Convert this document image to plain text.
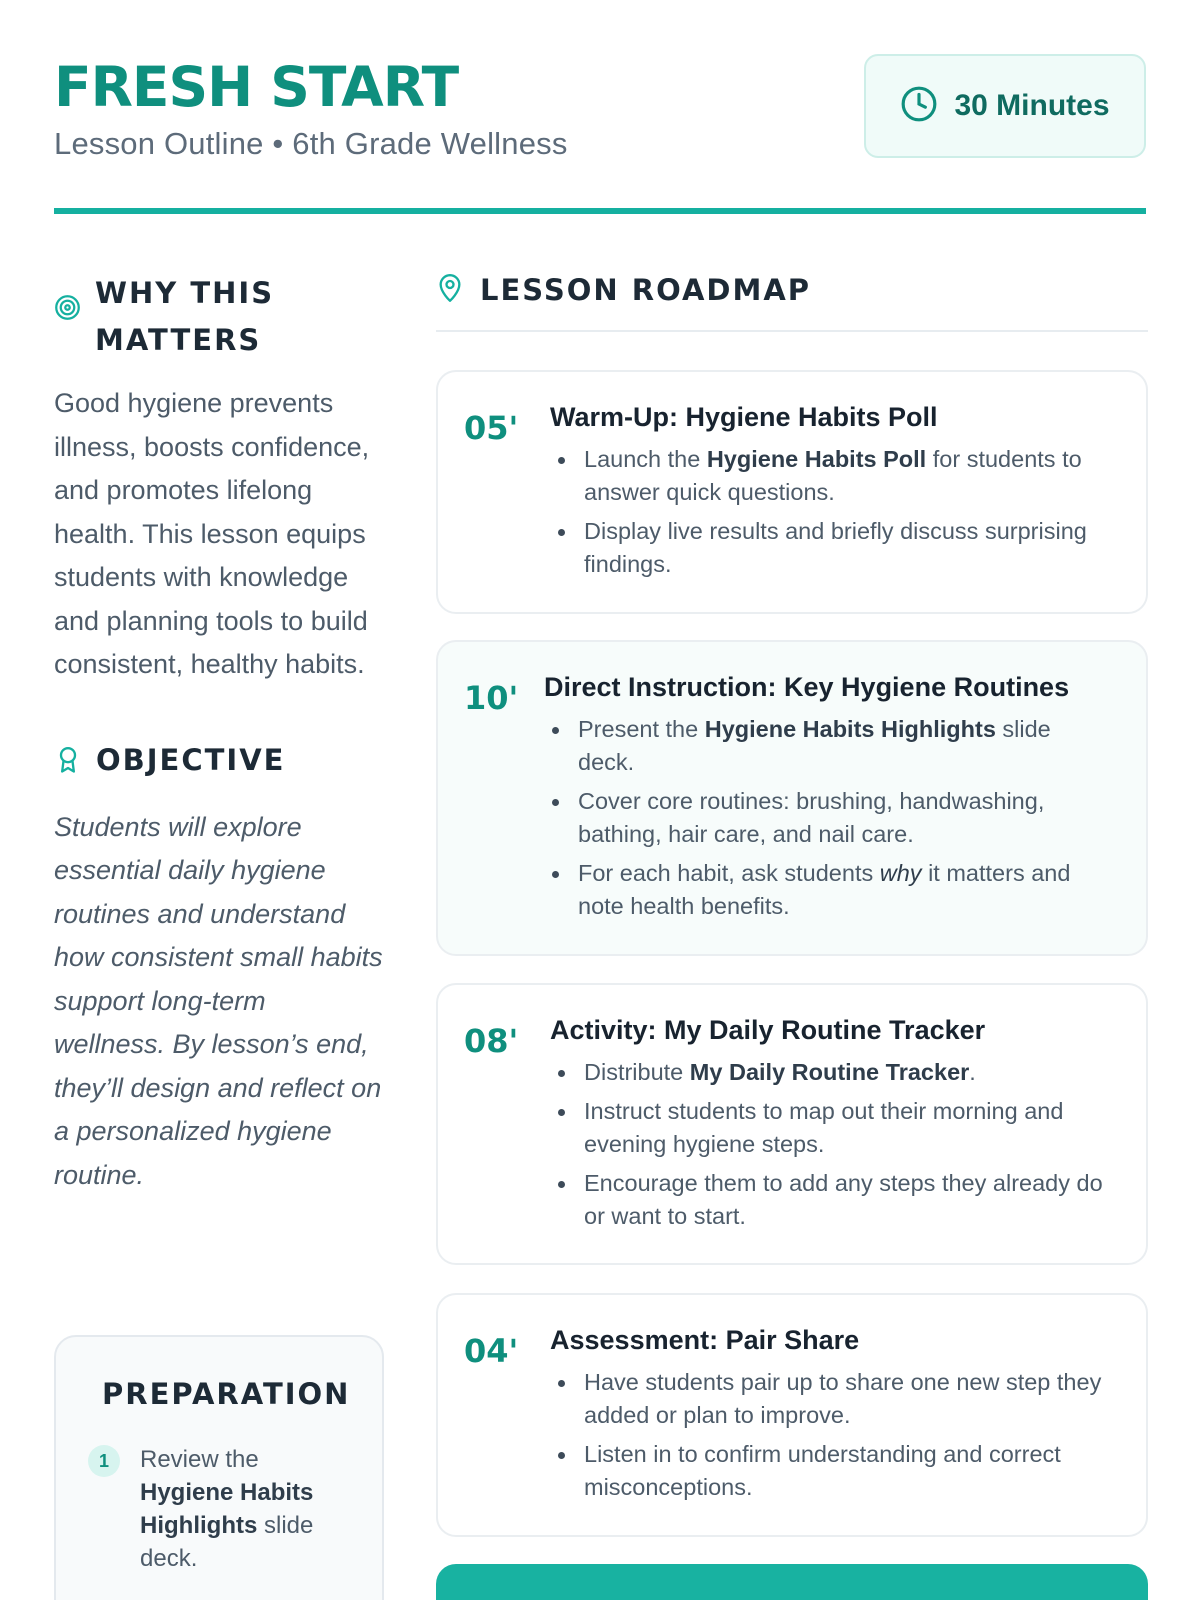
FRESH START
Lesson Outline • 6th Grade Wellness
30 Minutes
WHY THIS
MATTERS

Good hygiene prevents illness, boosts confidence, and promotes lifelong health. This lesson equips students with knowledge and planning tools to build consistent, healthy habits.

OBJECTIVE

Students will explore essential daily hygiene routines and understand how consistent small habits support long-term wellness. By lesson’s end, they’ll design and reflect on a personalized hygiene routine.

PREPARATION
1	Review the Hygiene Habits Highlights slide deck.
LESSON ROADMAP
05' Warm-Up: Hygiene Habits Poll
Launch the Hygiene Habits Poll for students to answer quick questions.
Display live results and briefly discuss surprising findings.
10' Direct Instruction: Key Hygiene Routines
Present the Hygiene Habits Highlights slide deck.
Cover core routines: brushing, handwashing, bathing, hair care, and nail care.
For each habit, ask students why it matters and note health benefits.
08' Activity: My Daily Routine Tracker
Distribute My Daily Routine Tracker.
Instruct students to map out their morning and evening hygiene steps.
Encourage them to add any steps they already do or want to start.
04' Assessment: Pair Share
Have students pair up to share one new step they added or plan to improve.
Listen in to confirm understanding and correct misconceptions.
